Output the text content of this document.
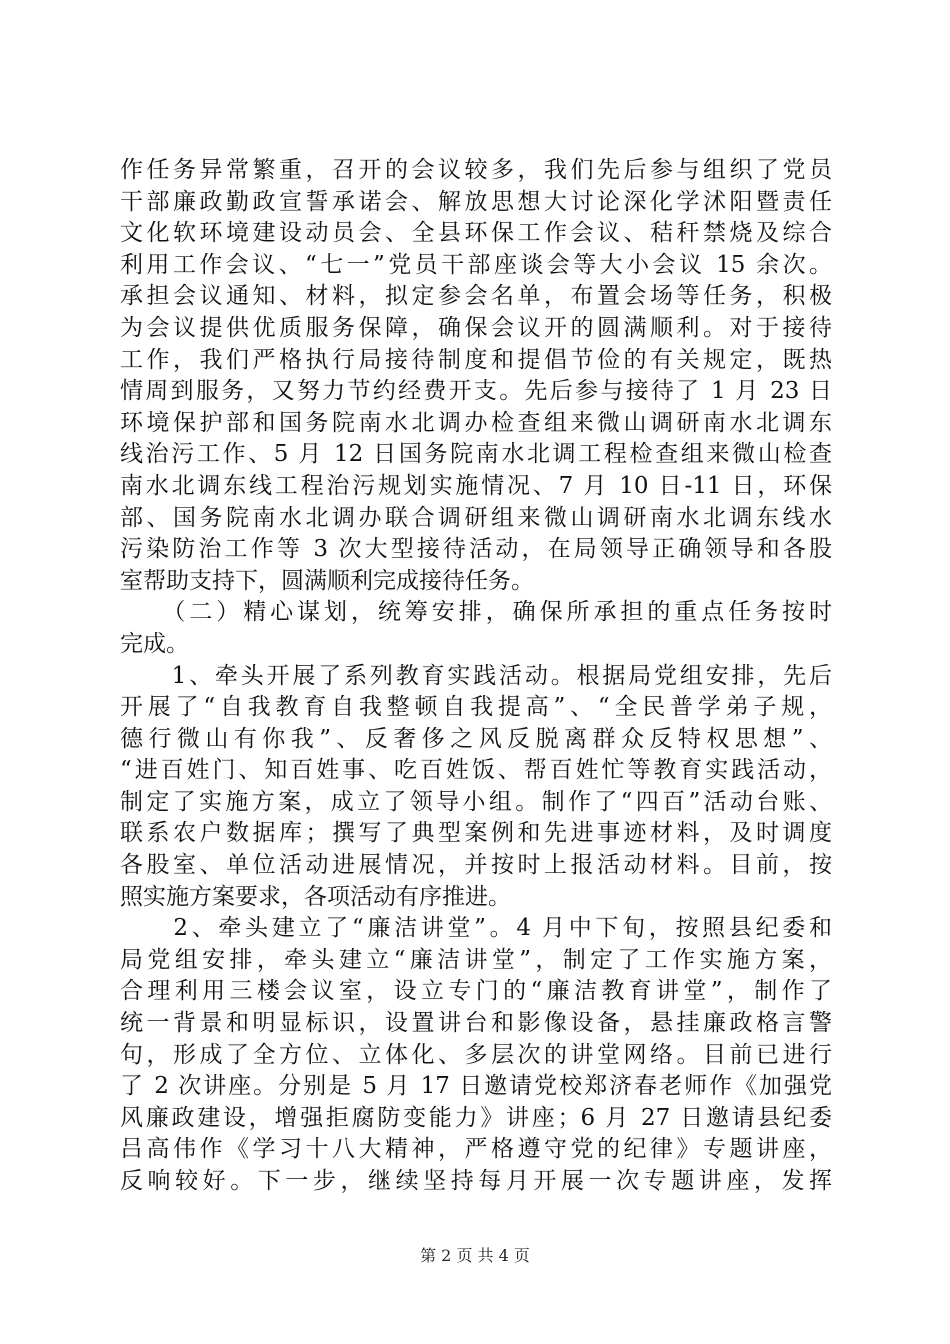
作任务异常繁重，召开的会议较多，我们先后参与组织了党员
干部廉政勤政宣誓承诺会、解放思想大讨论深化学沭阳暨责任
文化软环境建设动员会、全县环保工作会议、秸秆禁烧及综合
利用工作会议、“七一”党员干部座谈会等大小会议 15 余次。
承担会议通知、材料，拟定参会名单，布置会场等任务，积极
为会议提供优质服务保障，确保会议开的圆满顺利。对于接待
工作，我们严格执行局接待制度和提倡节俭的有关规定，既热
情周到服务，又努力节约经费开支。先后参与接待了 1 月 23 日
环境保护部和国务院南水北调办检查组来微山调研南水北调东
线治污工作、5 月 12 日国务院南水北调工程检查组来微山检查
南水北调东线工程治污规划实施情况、7 月 10 日-11 日，环保
部、国务院南水北调办联合调研组来微山调研南水北调东线水
污染防治工作等 3 次大型接待活动，在局领导正确领导和各股
室帮助支持下，圆满顺利完成接待任务。
　　（二）精心谋划，统筹安排，确保所承担的重点任务按时
完成。
　　1、牵头开展了系列教育实践活动。根据局党组安排，先后
开展了“自我教育自我整顿自我提高”、“全民普学弟子规，
德行微山有你我”、反奢侈之风反脱离群众反特权思想”、
“进百姓门、知百姓事、吃百姓饭、帮百姓忙等教育实践活动，
制定了实施方案，成立了领导小组。制作了“四百”活动台账、
联系农户数据库；撰写了典型案例和先进事迹材料，及时调度
各股室、单位活动进展情况，并按时上报活动材料。目前，按
照实施方案要求，各项活动有序推进。
　　2、牵头建立了“廉洁讲堂”。4 月中下旬，按照县纪委和
局党组安排，牵头建立“廉洁讲堂”，制定了工作实施方案，
合理利用三楼会议室，设立专门的“廉洁教育讲堂”，制作了
统一背景和明显标识，设置讲台和影像设备，悬挂廉政格言警
句，形成了全方位、立体化、多层次的讲堂网络。目前已进行
了 2 次讲座。分别是 5 月 17 日邀请党校郑济春老师作《加强党
风廉政建设，增强拒腐防变能力》讲座；6 月 27 日邀请县纪委
吕高伟作《学习十八大精神，严格遵守党的纪律》专题讲座，
反响较好。下一步，继续坚持每月开展一次专题讲座，发挥
第 2 页 共 4 页
